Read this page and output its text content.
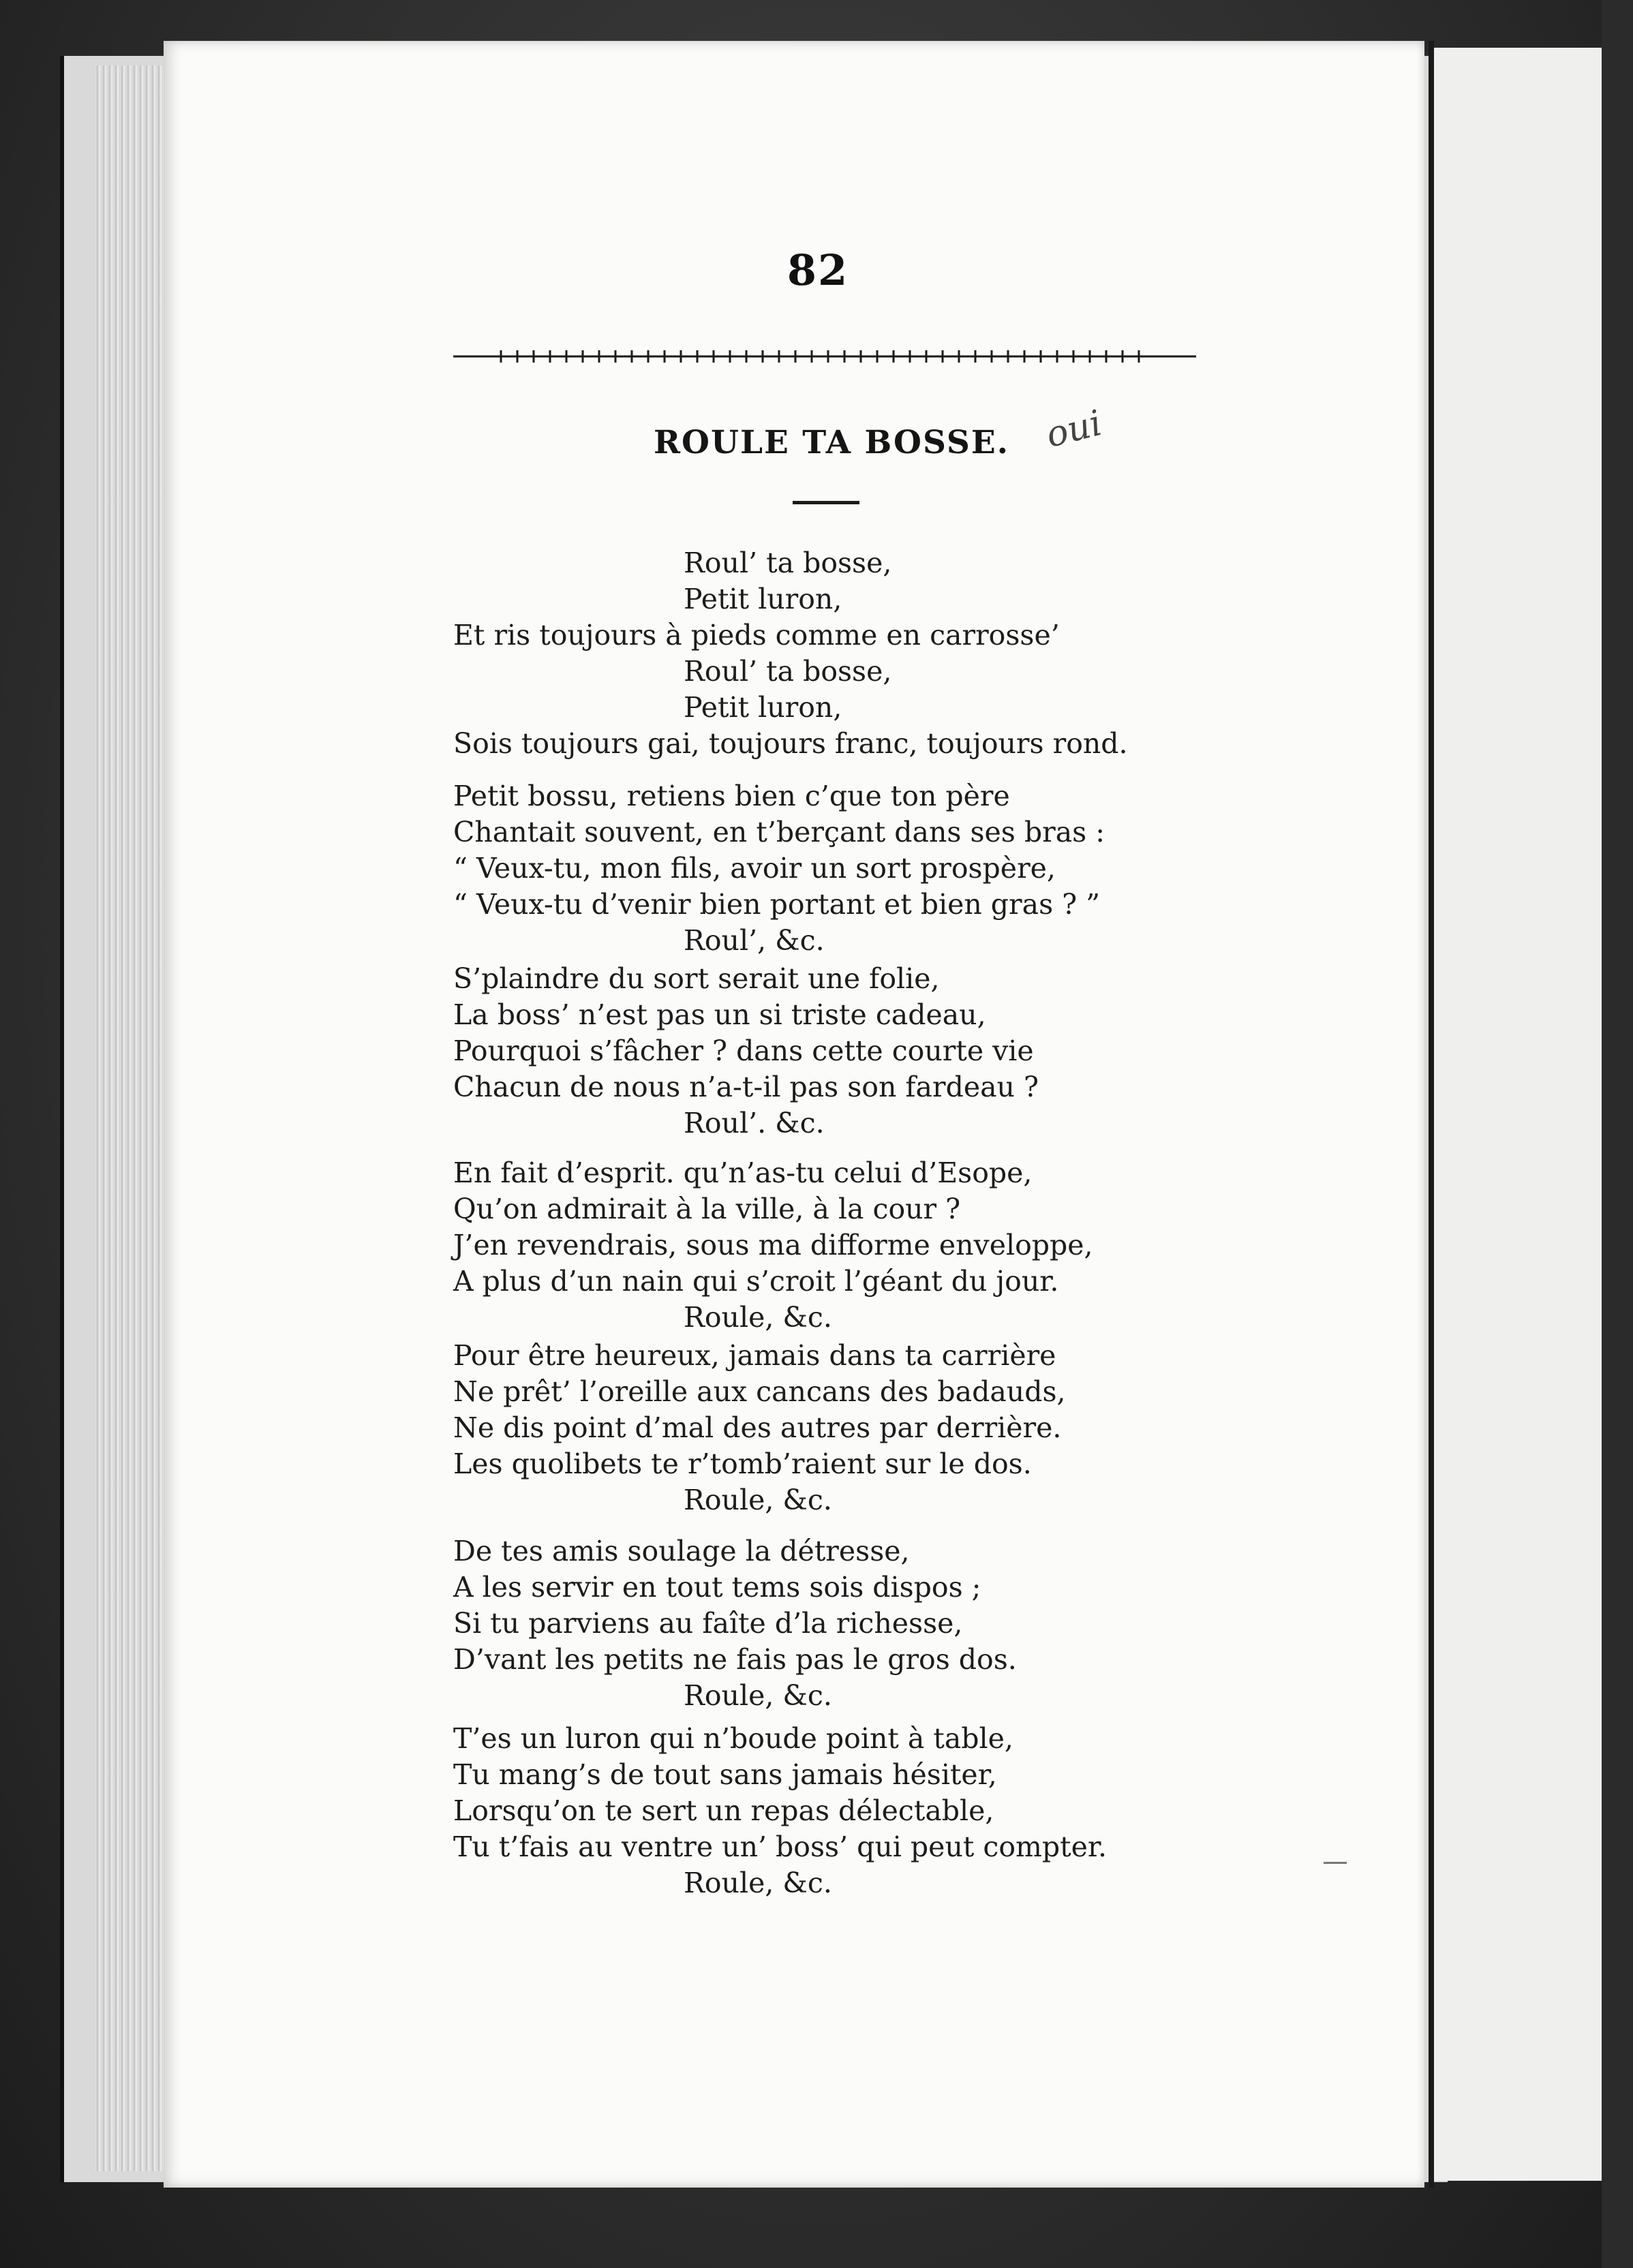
82
ROULE TA BOSSE. oui
Roul’ ta bosse,
Petit luron,
Et ris toujours à pieds comme en carrosse’
Roul’ ta bosse,
Petit luron,
Sois toujours gai, toujours franc, toujours rond.
Petit bossu, retiens bien c’que ton père
Chantait souvent, en t’berçant dans ses bras :
“ Veux-tu, mon fils, avoir un sort prospère,
“ Veux-tu d’venir bien portant et bien gras ? ”
Roul’, &c.
S’plaindre du sort serait une folie,
La boss’ n’est pas un si triste cadeau,
Pourquoi s’fâcher ? dans cette courte vie
Chacun de nous n’a-t-il pas son fardeau ?
Roul’. &c.
En fait d’esprit. qu’n’as-tu celui d’Esope,
Qu’on admirait à la ville, à la cour ?
J’en revendrais, sous ma difforme enveloppe,
A plus d’un nain qui s’croit l’géant du jour.
Roule, &c.
Pour être heureux, jamais dans ta carrière
Ne prêt’ l’oreille aux cancans des badauds,
Ne dis point d’mal des autres par derrière.
Les quolibets te r’tomb’raient sur le dos.
Roule, &c.
De tes amis soulage la détresse,
A les servir en tout tems sois dispos ;
Si tu parviens au faîte d’la richesse,
D’vant les petits ne fais pas le gros dos.
Roule, &c.
T’es un luron qui n’boude point à table,
Tu mang’s de tout sans jamais hésiter,
Lorsqu’on te sert un repas délectable,
Tu t’fais au ventre un’ boss’ qui peut compter.
Roule, &c.
